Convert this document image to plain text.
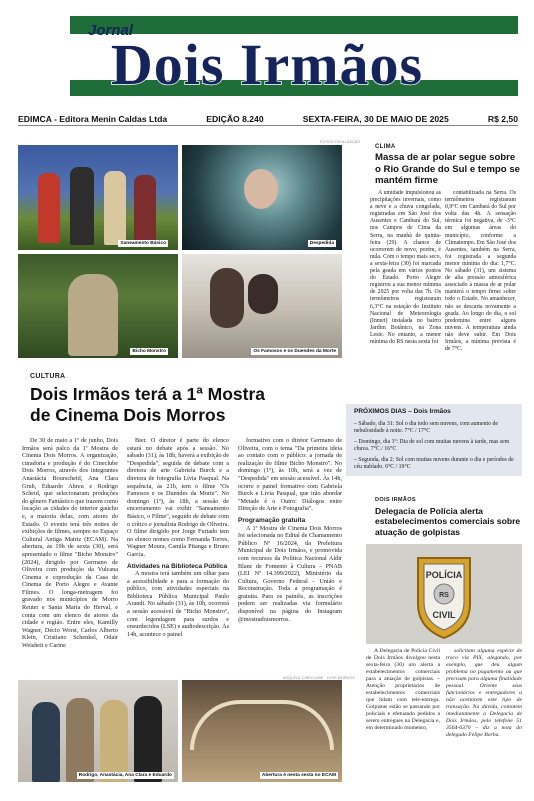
Jornal
Dois Irmãos
EDIMCA - Editora Menin Caldas Ltda	EDIÇÃO 8.240	SEXTA-FEIRA, 30 DE MAIO DE 2025	R$ 2,50
FOTOS: DIVULGAÇÃO
Saneamento Básico	Despedida
Bicho Monstro	Os Famosos e os Duendes da Morte
CULTURA
Dois Irmãos terá a 1ª Mostra
de Cinema Dois Morros

De 30 de maio a 1º de junho, Dois Irmãos será palco da 1ª Mostra de Cinema Dois Morros. A organização, curadoria e produção é do Cineclube Dois Morros, através dos integrantes Anastácia Bourscheid, Ana Clara Grub, Eduardo Abreu e Rodrigo Scheid, que selecionaram produções do gênero Fantástico que trazem como locação as cidades do interior gaúcho e, a maioria delas, com atores do Estado. O evento terá três noites de exibições de filmes, sempre no Espaço Cultural Antiga Matriz (ECAM). Na abertura, às 19h de sexta (30), será apresentado o filme "Bicho Monstro" (2024), dirigido por Germano de Oliveira com produção da Vulcana Cinema e coprodução da Casa de Cinema de Porto Alegre e Avante Filmes. O longa-metragem foi gravado nos municípios de Morro Reuter e Santa Maria do Herval, e conta com um elenco de atores da cidade e região. Entre eles, Kamilly Wagner, Décio Worst, Carlos Alberto Klein, Cristiano Schenkel, Odair Weisheit e Carine

Bier. O diretor é parte do elenco estará no debate após a sessão. No sábado (31), às 18h, haverá a exibição de "Despedida", seguida de debate com a diretora de arte Gabriela Burck e a diretora de fotografia Lívia Pasqual. Na sequência, às 21h, tem o filme "Os Famosos e os Duendes da Morte". No domingo (1º), às 18h, a sessão de encerramento vai exibir "Saneamento Básico, o Filme", seguido de debate com o crítico e jornalista Rodrigo de Oliveira. O filme dirigido por Jorge Furtado tem no elenco nomes como Fernanda Torres, Wagner Moura, Camila Pitanga e Bruno Garcia.

Atividades na Biblioteca Pública

A mostra terá também um olhar para a acessibilidade e para a formação do público, com atividades especiais na Biblioteca Pública Municipal Paulo Arandt. No sábado (31), às 10h, ocorrerá a sessão acessível de "Bicho Monstro", com legendagem para surdos e ensurdecidos (LSE) e audiodescrição. Às 14h, acontece o painel

formativo com o diretor Germano de Oliveira, com o tema "Da primeira ideia ao contato com o público: a jornada de realização do filme Bicho Monstro". No domingo (1º), às 10h, será a vez de "Despedida" em sessão acessível. Às 14h, ocorre o painel formativo com Gabriela Burck e Lívia Pasqual, que irão abordar "Metade é o Outro: Diálogos entre Direção de Arte e Fotografia".

Programação gratuita

A 1ª Mostra de Cinema Dois Morros foi selecionada no Edital de Chamamento Público Nº 16/2024, da Prefeitura Municipal de Dois Irmãos, e promovida com recursos da Política Nacional Aldir Blanc de Fomento à Cultura – PNAB (LEI Nº 14.399/2022), Ministério da Cultura, Governo Federal - União e Reconstrução. Toda a programação é gratuita. Para os painéis, as inscrições podem ser realizadas via formulário disponível na página do Instagram @mostradoismorros.

ARQUIVO CINECLUBE · DOIS MORROS
Rodrigo, Anastácia, Ana Clara e Eduardo	Abertura é nesta sexta no ECAM
CLIMA
Massa de ar polar segue sobre o Rio Grande do Sul e tempo se mantém firme

A umidade impulsionou as precipitações invernais, como a neve e a chuva congelada, registradas em São José dos Ausentes e Cambará do Sul, nos Campos de Cima da Serra, na manhã de quinta-feira (29). A chance de ocorrerem de novo, porém, é nula. Com o tempo mais seco, a sexta-feira (30) foi marcada pela geada em vários pontos do Estado. Porto Alegre registrou a sua menor mínima de 2025 por volta das 7h. Os termômetros registraram 6,3°C na estação do Instituto Nacional de Meteorologia (Inmet) instalada no bairro Jardim Botânico, na Zona Leste. No entanto, a menor mínima do RS nesta sexta foi

contabilizada na Serra. Os termômetros registraram 0,9°C em Cambará do Sul por volta das 4h. A sensação térmica foi negativa, de -3°C em algumas áreas do município, conforme a Climatempo. Em São José dos Ausentes, também na Serra, foi registrada a segunda menor mínima do dia: 1,7°C. No sábado (31), um sistema de alta pressão atmosférica associado à massa de ar polar manterá o tempo firme sobre todo o Estado. No amanhecer, não se descarta novamente a geada. Ao longo do dia, o sol predomina entre alguns nuvens. A temperatura ainda não deve subir. Em Dois Irmãos, a mínima prevista é de 7°C.

PRÓXIMOS DIAS – Dois Irmãos
– Sábado, dia 31: Sol o dia todo sem nuvens, com aumento de nebulosidade à noite. 7°C / 17°C
– Domingo, dia 1º: Dia de sol com muitas nuvens à tarde, mas sem chuva. 7°C / 16°C
– Segunda, dia 2: Sol com muitas nuvens durante o dia e períodos de céu nublado. 6°C / 19°C
DOIS IRMÃOS
Delegacia de Polícia alerta estabelecimentos comerciais sobre atuação de golpistas
POLÍCIA
RS
CIVIL

A Delegacia de Polícia Civil de Dois Irmãos divulgou nesta sexta-feira (30) um alerta a estabelecimentos comerciais para a atuação de golpistas. – Atenção proprietários de estabelecimentos comerciais que lidam com tele-entrega. Golpistas estão se passando por policiais e efetuando pedidos a serem entregues na Delegacia e, em determinado momento,

solicitam alguma espécie de troco via PIX, alegando, por exemplo, que deu algum problema no pagamento ou que precisam para alguma finalidade pessoal. Oriente seus funcionários e entregadores a não aceitarem este tipo de transação. Na dúvida, contatem imediatamente a Delegacia de Dois Irmãos, pelo telefone 51 3564-6370 – diz a nota do delegado Felipe Borba.
